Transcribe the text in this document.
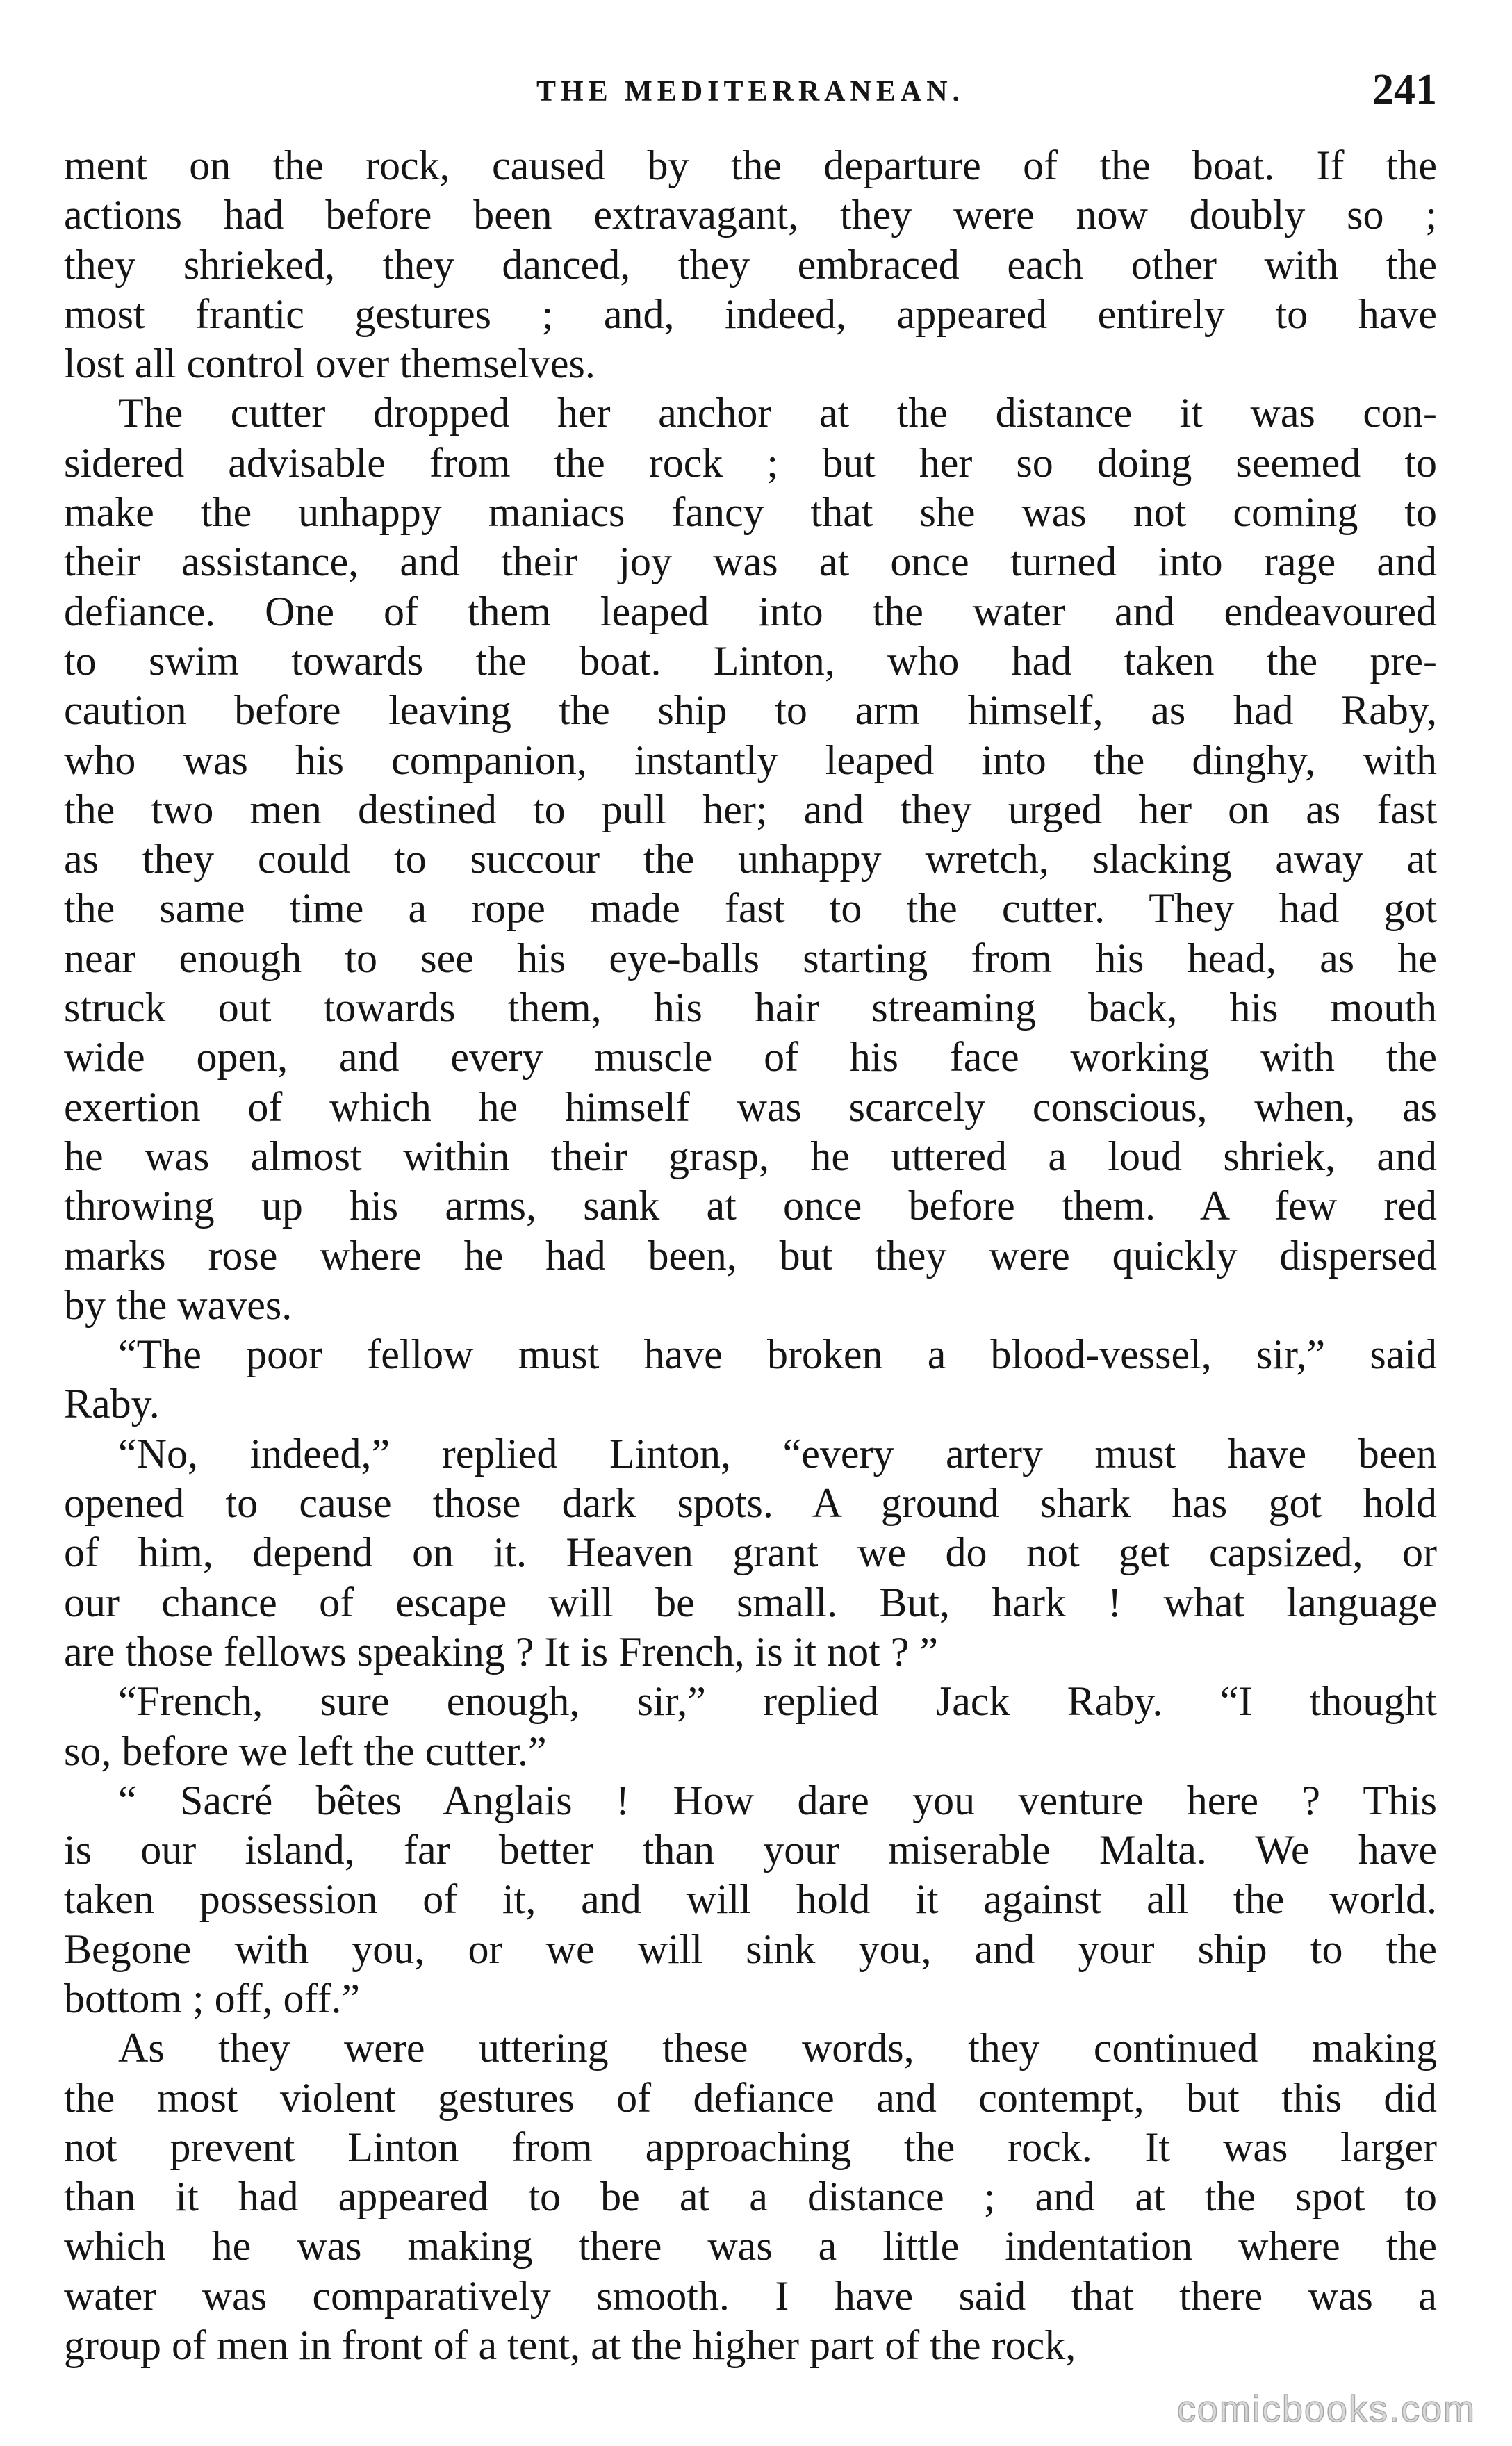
THE MEDITERRANEAN.	241
ment on the rock, caused by the departure of the boat. If the
actions had before been extravagant, they were now doubly so ;
they shrieked, they danced, they embraced each other with the
most frantic gestures ; and, indeed, appeared entirely to have
lost all control over themselves.
The cutter dropped her anchor at the distance it was con-
sidered advisable from the rock ; but her so doing seemed to
make the unhappy maniacs fancy that she was not coming to
their assistance, and their joy was at once turned into rage and
defiance. One of them leaped into the water and endeavoured
to swim towards the boat. Linton, who had taken the pre-
caution before leaving the ship to arm himself, as had Raby,
who was his companion, instantly leaped into the dinghy, with
the two men destined to pull her; and they urged her on as fast
as they could to succour the unhappy wretch, slacking away at
the same time a rope made fast to the cutter. They had got
near enough to see his eye-balls starting from his head, as he
struck out towards them, his hair streaming back, his mouth
wide open, and every muscle of his face working with the
exertion of which he himself was scarcely conscious, when, as
he was almost within their grasp, he uttered a loud shriek, and
throwing up his arms, sank at once before them. A few red
marks rose where he had been, but they were quickly dispersed
by the waves.
“The poor fellow must have broken a blood-vessel, sir,” said
Raby.
“No, indeed,” replied Linton, “every artery must have been
opened to cause those dark spots. A ground shark has got hold
of him, depend on it. Heaven grant we do not get capsized, or
our chance of escape will be small. But, hark ! what language
are those fellows speaking ? It is French, is it not ? ”
“French, sure enough, sir,” replied Jack Raby. “I thought
so, before we left the cutter.”
“ Sacré bêtes Anglais ! How dare you venture here ? This
is our island, far better than your miserable Malta. We have
taken possession of it, and will hold it against all the world.
Begone with you, or we will sink you, and your ship to the
bottom ; off, off.”
As they were uttering these words, they continued making
the most violent gestures of defiance and contempt, but this did
not prevent Linton from approaching the rock. It was larger
than it had appeared to be at a distance ; and at the spot to
which he was making there was a little indentation where the
water was comparatively smooth. I have said that there was a
group of men in front of a tent, at the higher part of the rock,
comicbooks.com
